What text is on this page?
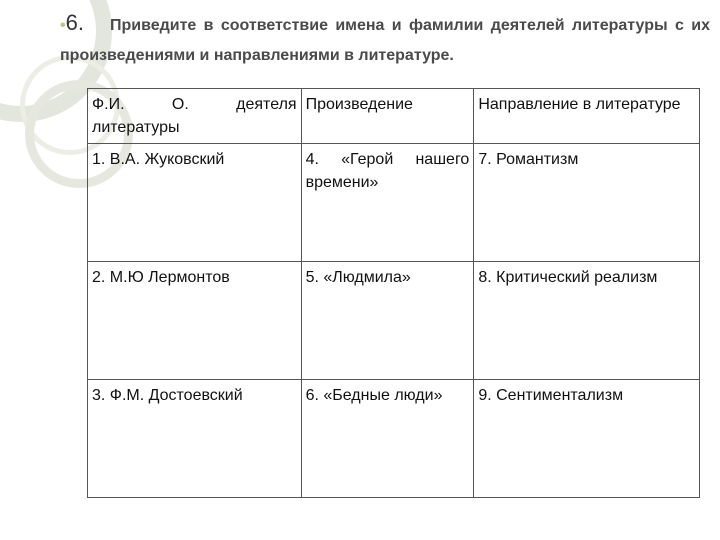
•6. Приведите в соответствие имена и фамилии деятелей литературы с их произведениями и направлениями в литературе.
Ф.И. О. деятеля литературы	Произведение	Направление в литературе
1. В.А. Жуковский	4. «Герой нашего времени»	7. Романтизм
2. М.Ю Лермонтов	5. «Людмила»	8. Критический реализм
3. Ф.М. Достоевский	6. «Бедные люди»	9. Сентиментализм
